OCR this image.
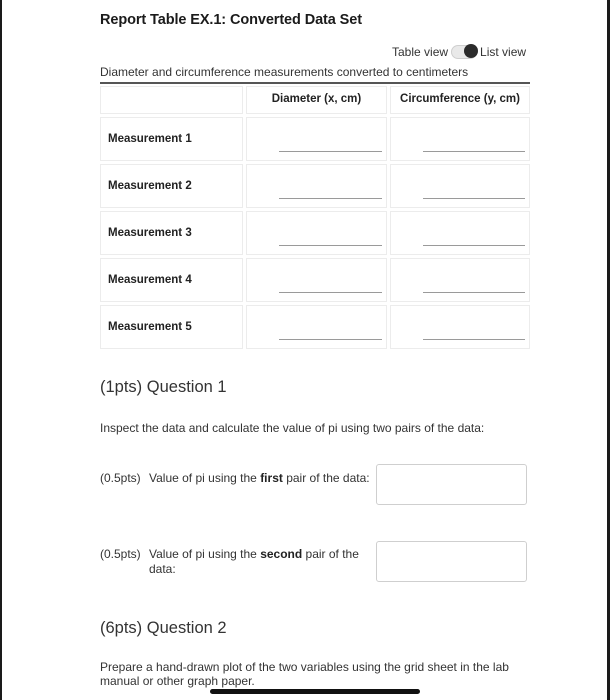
Report Table EX.1: Converted Data Set
Table view	List view
Diameter and circumference measurements converted to centimeters
Diameter (x, cm)	Circumference (y, cm)
Measurement 1
Measurement 2
Measurement 3
Measurement 4
Measurement 5
(1pts) Question 1
Inspect the data and calculate the value of pi using two pairs of the data:
(0.5pts) Value of pi using the first pair of the data:
(0.5pts) Value of pi using the second pair of the data:
(6pts) Question 2
Prepare a hand-drawn plot of the two variables using the grid sheet in the lab manual or other graph paper.
